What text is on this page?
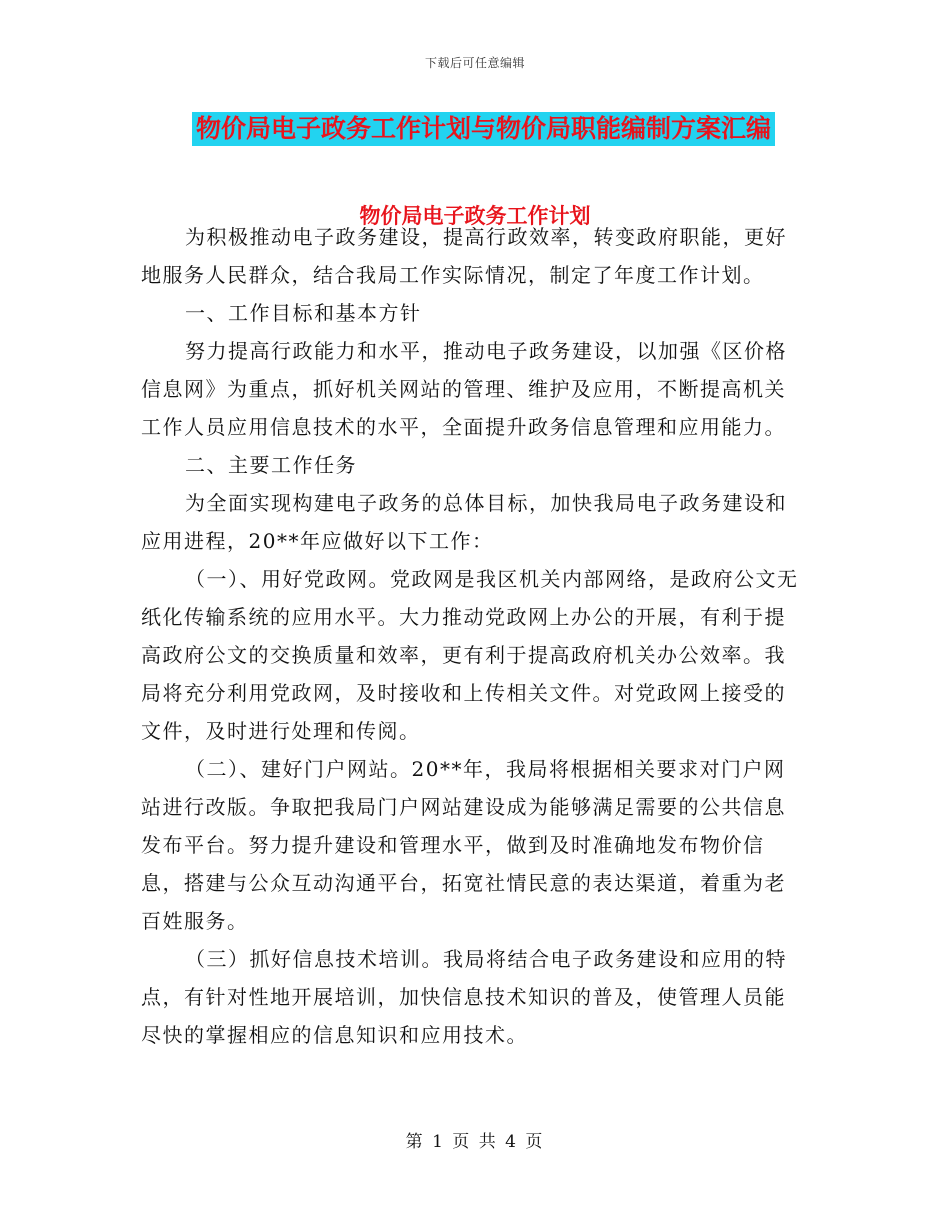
下载后可任意编辑
物价局电子政务工作计划与物价局职能编制方案汇编
物价局电子政务工作计划

为积极推动电子政务建设，提高行政效率，转变政府职能，更好地服务人民群众，结合我局工作实际情况，制定了年度工作计划。

一、工作目标和基本方针

努力提高行政能力和水平，推动电子政务建设，以加强《区价格信息网》为重点，抓好机关网站的管理、维护及应用，不断提高机关工作人员应用信息技术的水平，全面提升政务信息管理和应用能力。

二、主要工作任务

为全面实现构建电子政务的总体目标，加快我局电子政务建设和应用进程，20**年应做好以下工作：

（一）、用好党政网。党政网是我区机关内部网络，是政府公文无纸化传输系统的应用水平。大力推动党政网上办公的开展，有利于提高政府公文的交换质量和效率，更有利于提高政府机关办公效率。我局将充分利用党政网，及时接收和上传相关文件。对党政网上接受的文件，及时进行处理和传阅。

（二）、建好门户网站。20**年，我局将根据相关要求对门户网站进行改版。争取把我局门户网站建设成为能够满足需要的公共信息发布平台。努力提升建设和管理水平，做到及时准确地发布物价信息，搭建与公众互动沟通平台，拓宽社情民意的表达渠道，着重为老百姓服务。

（三）抓好信息技术培训。我局将结合电子政务建设和应用的特点，有针对性地开展培训，加快信息技术知识的普及，使管理人员能尽快的掌握相应的信息知识和应用技术。

第 1 页 共 4 页
